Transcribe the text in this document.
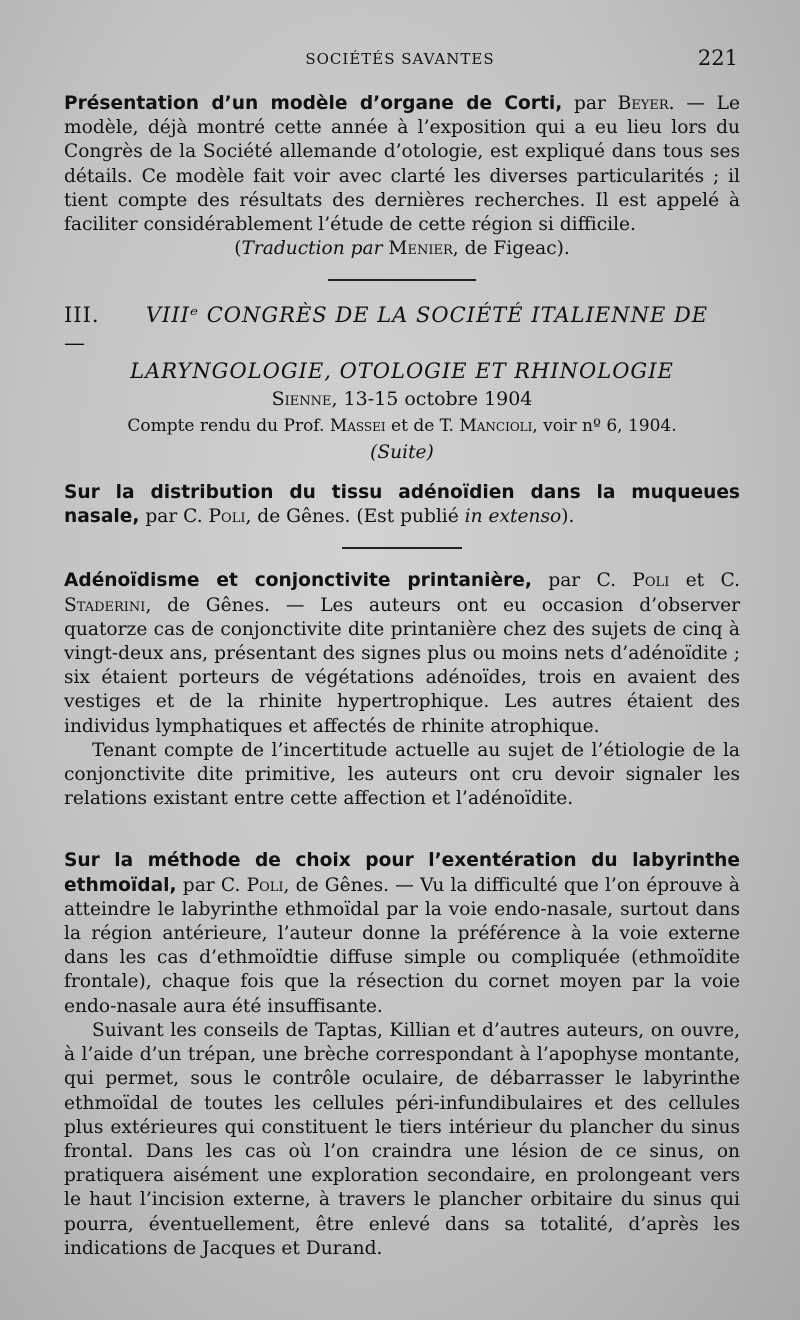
SOCIÉTÉS SAVANTES	221

Présentation d’un modèle d’organe de Corti, par Beyer. — Le modèle, déjà montré cette année à l’exposition qui a eu lieu lors du Congrès de la Société allemande d’otologie, est expliqué dans tous ses détails. Ce modèle fait voir avec clarté les diverses particularités ; il tient compte des résultats des dernières recherches. Il est appelé à faciliter considérablement l’étude de cette région si difficile.

(Traduction par Menier, de Figeac).

III. —
VIIIᵉ CONGRÈS DE LA SOCIÉTÉ ITALIENNE DE
LARYNGOLOGIE, OTOLOGIE ET RHINOLOGIE

Sienne, 13-15 octobre 1904

Compte rendu du Prof. Massei et de T. Mancioli, voir nº 6, 1904.

(Suite)

Sur la distribution du tissu adénoïdien dans la muqueues nasale, par C. Poli, de Gênes. (Est publié in extenso).

Adénoïdisme et conjonctivite printanière, par C. Poli et C. Staderini, de Gênes. — Les auteurs ont eu occasion d’observer quatorze cas de conjonctivite dite printanière chez des sujets de cinq à vingt-deux ans, présentant des signes plus ou moins nets d’adénoïdite ; six étaient porteurs de végétations adénoïdes, trois en avaient des vestiges et de la rhinite hypertrophique. Les autres étaient des individus lymphatiques et affectés de rhinite atrophique.

Tenant compte de l’incertitude actuelle au sujet de l’étiologie de la conjonctivite dite primitive, les auteurs ont cru devoir signaler les relations existant entre cette affection et l’adénoïdite.

Sur la méthode de choix pour l’exentération du labyrinthe ethmoïdal, par C. Poli, de Gênes. — Vu la difficulté que l’on éprouve à atteindre le labyrinthe ethmoïdal par la voie endo-nasale, surtout dans la région antérieure, l’auteur donne la préférence à la voie externe dans les cas d’ethmoïdtie diffuse simple ou compliquée (ethmoïdite frontale), chaque fois que la résection du cornet moyen par la voie endo-nasale aura été insuffisante.

Suivant les conseils de Taptas, Killian et d’autres auteurs, on ouvre, à l’aide d’un trépan, une brèche correspondant à l’apophyse montante, qui permet, sous le contrôle oculaire, de débarrasser le labyrinthe ethmoïdal de toutes les cellules péri-infundibulaires et des cellules plus extérieures qui constituent le tiers intérieur du plancher du sinus frontal. Dans les cas où l’on craindra une lésion de ce sinus, on pratiquera aisément une exploration secondaire, en prolongeant vers le haut l’incision externe, à travers le plancher orbitaire du sinus qui pourra, éventuellement, être enlevé dans sa totalité, d’après les indications de Jacques et Durand.
